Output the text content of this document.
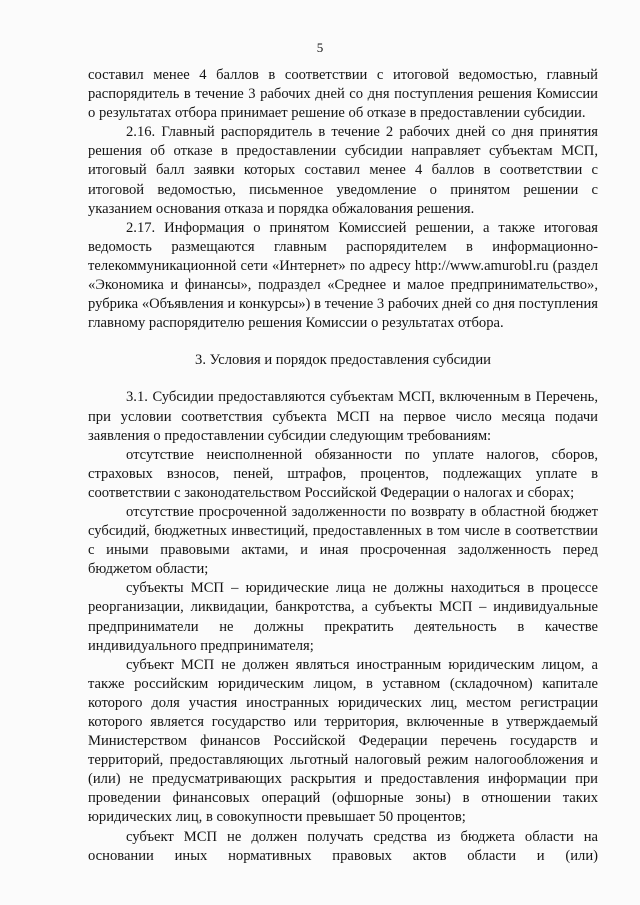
5

составил менее 4 баллов в соответствии с итоговой ведомостью, главный распорядитель в течение 3 рабочих дней со дня поступления решения Комиссии о результатах отбора принимает решение об отказе в предоставлении субсидии.

2.16. Главный распорядитель в течение 2 рабочих дней со дня принятия решения об отказе в предоставлении субсидии направляет субъектам МСП, итоговый балл заявки которых составил менее 4 баллов в соответствии с итоговой ведомостью, письменное уведомление о принятом решении с указанием основания отказа и порядка обжалования решения.

2.17. Информация о принятом Комиссией решении, а также итоговая ведомость размещаются главным распорядителем в информационно-телекоммуникационной сети «Интернет» по адресу http://www.amurobl.ru (раздел «Экономика и финансы», подраздел «Среднее и малое предпринимательство», рубрика «Объявления и конкурсы») в течение 3 рабочих дней со дня поступления главному распорядителю решения Комиссии о результатах отбора.

3. Условия и порядок предоставления субсидии

3.1. Субсидии предоставляются субъектам МСП, включенным в Перечень, при условии соответствия субъекта МСП на первое число месяца подачи заявления о предоставлении субсидии следующим требованиям:

отсутствие неисполненной обязанности по уплате налогов, сборов, страховых взносов, пеней, штрафов, процентов, подлежащих уплате в соответствии с законодательством Российской Федерации о налогах и сборах;

отсутствие просроченной задолженности по возврату в областной бюджет субсидий, бюджетных инвестиций, предоставленных в том числе в соответствии с иными правовыми актами, и иная просроченная задолженность перед бюджетом области;

субъекты МСП – юридические лица не должны находиться в процессе реорганизации, ликвидации, банкротства, а субъекты МСП – индивидуальные предприниматели не должны прекратить деятельность в качестве индивидуального предпринимателя;

субъект МСП не должен являться иностранным юридическим лицом, а также российским юридическим лицом, в уставном (складочном) капитале которого доля участия иностранных юридических лиц, местом регистрации которого является государство или территория, включенные в утверждаемый Министерством финансов Российской Федерации перечень государств и территорий, предоставляющих льготный налоговый режим налогообложения и (или) не предусматривающих раскрытия и предоставления информации при проведении финансовых операций (офшорные зоны) в отношении таких юридических лиц, в совокупности превышает 50 процентов;

субъект МСП не должен получать средства из бюджета области на основании иных нормативных правовых актов области и (или)
